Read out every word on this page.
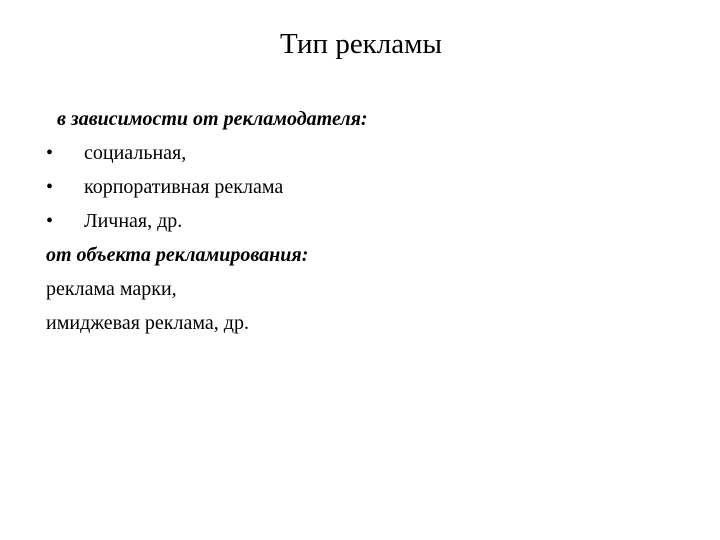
Тип рекламы
в зависимости от рекламодателя:
•	социальная,
•	корпоративная реклама
•	Личная, др.
от объекта рекламирования:
реклама марки,
имиджевая реклама, др.
